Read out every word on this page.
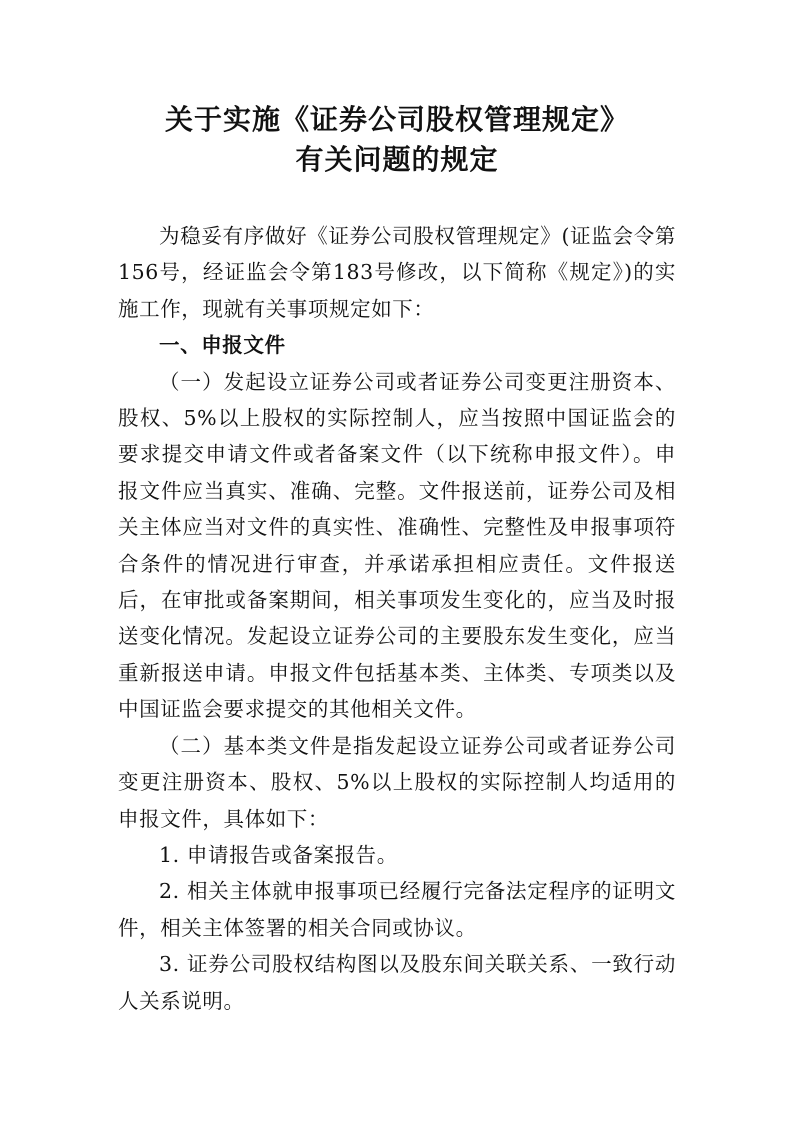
关于实施《证券公司股权管理规定》
有关问题的规定

为稳妥有序做好《证券公司股权管理规定》(证监会令第156号，经证监会令第183号修改，以下简称《规定》)的实施工作，现就有关事项规定如下：

一、申报文件

（一）发起设立证券公司或者证券公司变更注册资本、股权、5%以上股权的实际控制人，应当按照中国证监会的要求提交申请文件或者备案文件（以下统称申报文件）。申报文件应当真实、准确、完整。文件报送前，证券公司及相关主体应当对文件的真实性、准确性、完整性及申报事项符合条件的情况进行审查，并承诺承担相应责任。文件报送后，在审批或备案期间，相关事项发生变化的，应当及时报送变化情况。发起设立证券公司的主要股东发生变化，应当重新报送申请。申报文件包括基本类、主体类、专项类以及中国证监会要求提交的其他相关文件。

（二）基本类文件是指发起设立证券公司或者证券公司变更注册资本、股权、5%以上股权的实际控制人均适用的申报文件，具体如下：

1. 申请报告或备案报告。

2. 相关主体就申报事项已经履行完备法定程序的证明文件，相关主体签署的相关合同或协议。

3. 证券公司股权结构图以及股东间关联关系、一致行动人关系说明。
